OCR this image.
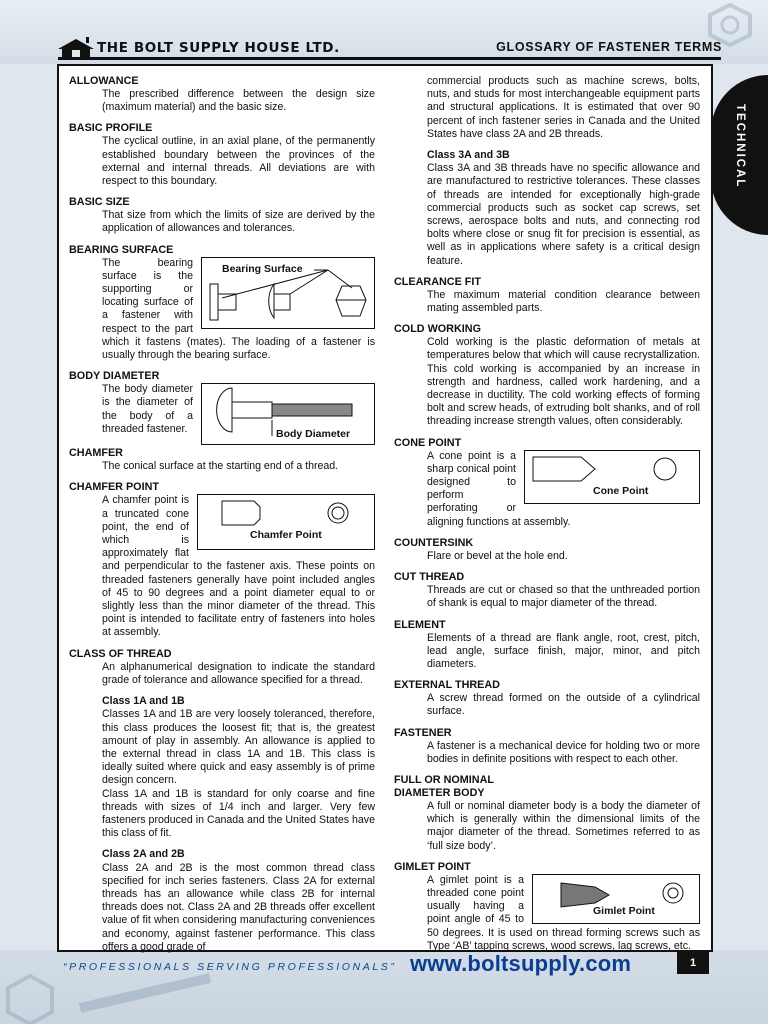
THE BOLT SUPPLY HOUSE LTD.	GLOSSARY OF FASTENER TERMS
TECHNICAL
ALLOWANCE
The prescribed difference between the design size (maximum material) and the basic size.
BASIC PROFILE
The cyclical outline, in an axial plane, of the permanently established boundary between the provinces of the external and internal threads. All deviations are with respect to this boundary.
BASIC SIZE
That size from which the limits of size are derived by the application of allowances and tolerances.
BEARING SURFACE
Bearing Surface
The bearing surface is the supporting or locating surface of a fastener with respect to the part which it fastens (mates). The loading of a fastener is usually through the bearing surface.
BODY DIAMETER
Body Diameter
The body diameter is the diameter of the body of a threaded fastener.
CHAMFER
The conical surface at the starting end of a thread.
CHAMFER POINT
Chamfer Point
A chamfer point is a truncated cone point, the end of which is approximately flat and perpendicular to the fastener axis. These points on threaded fasteners generally have point included angles of 45 to 90 degrees and a point diameter equal to or slightly less than the minor diameter of the thread. This point is intended to facilitate entry of fasteners into holes at assembly.
CLASS OF THREAD
An alphanumerical designation to indicate the standard grade of tolerance and allowance specified for a thread.
Class 1A and 1B
Classes 1A and 1B are very loosely toleranced, therefore, this class produces the loosest fit; that is, the greatest amount of play in assembly. An allowance is applied to the external thread in class 1A and 1B. This class is ideally suited where quick and easy assembly is of prime design concern.
Class 1A and 1B is standard for only coarse and fine threads with sizes of 1/4 inch and larger. Very few fasteners produced in Canada and the United States have this class of fit.
Class 2A and 2B
Class 2A and 2B is the most common thread class specified for inch series fasteners. Class 2A for external threads has an allowance while class 2B for internal threads does not. Class 2A and 2B threads offer excellent value of fit when considering manufacturing conveniences and economy, against fastener performance. This class offers a good grade of
commercial products such as machine screws, bolts, nuts, and studs for most interchangeable equipment parts and structural applications. It is estimated that over 90 percent of inch fastener series in Canada and the United States have class 2A and 2B threads.
Class 3A and 3B
Class 3A and 3B threads have no specific allowance and are manufactured to restrictive tolerances. These classes of threads are intended for exceptionally high-grade commercial products such as socket cap screws, set screws, aerospace bolts and nuts, and connecting rod bolts where close or snug fit for precision is essential, as well as in applications where safety is a critical design feature.
CLEARANCE FIT
The maximum material condition clearance between mating assembled parts.
COLD WORKING
Cold working is the plastic deformation of metals at temperatures below that which will cause recrystallization. This cold working is accompanied by an increase in strength and hardness, called work hardening, and a decrease in ductility. The cold working effects of forming bolt and screw heads, of extruding bolt shanks, and of roll threading increase strength values, often considerably.
CONE POINT
Cone Point
A cone point is a sharp conical point designed to perform perforating or aligning functions at assembly.
COUNTERSINK
Flare or bevel at the hole end.
CUT THREAD
Threads are cut or chased so that the unthreaded portion of shank is equal to major diameter of the thread.
ELEMENT
Elements of a thread are flank angle, root, crest, pitch, lead angle, surface finish, major, minor, and pitch diameters.
EXTERNAL THREAD
A screw thread formed on the outside of a cylindrical surface.
FASTENER
A fastener is a mechanical device for holding two or more bodies in definite positions with respect to each other.
FULL OR NOMINAL
DIAMETER BODY
A full or nominal diameter body is a body the diameter of which is generally within the dimensional limits of the major diameter of the thread. Sometimes referred to as ‘full size body’.
GIMLET POINT
Gimlet Point
A gimlet point is a threaded cone point usually having a point angle of 45 to 50 degrees. It is used on thread forming screws such as Type ‘AB’ tapping screws, wood screws, lag screws, etc.
“PROFESSIONALS SERVING PROFESSIONALS” www.boltsupply.com	1
